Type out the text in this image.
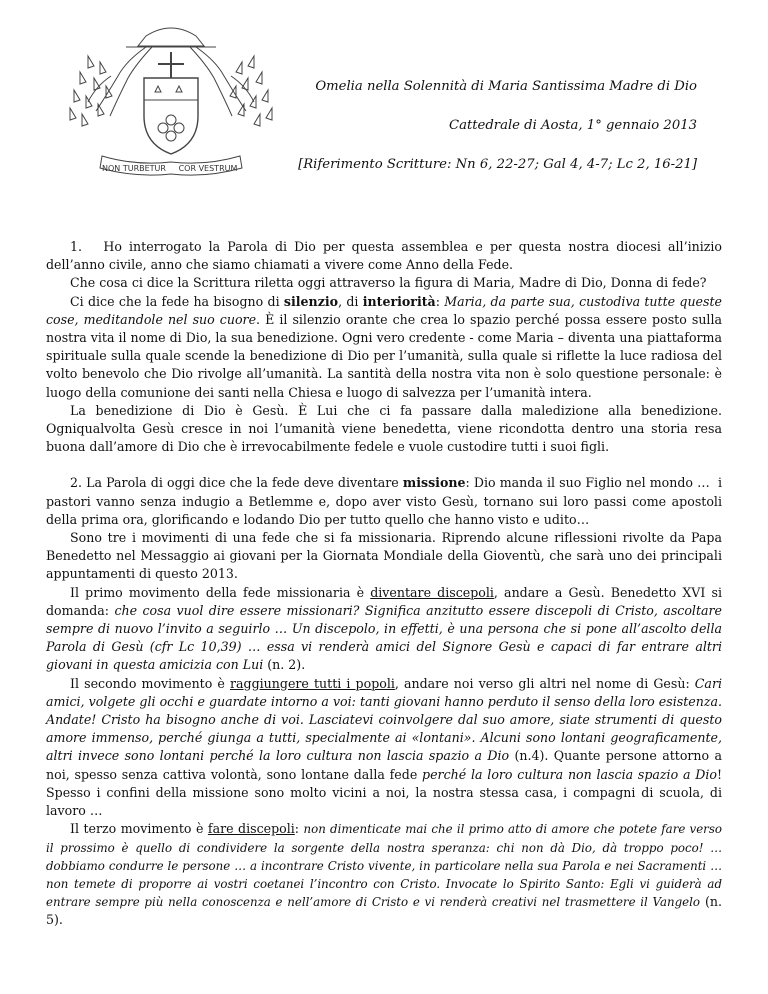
NON TURBETUR COR VESTRUM

Omelia nella Solennità di Maria Santissima Madre di Dio

Cattedrale di Aosta, 1° gennaio 2013

[Riferimento Scritture: Nn 6, 22-27; Gal 4, 4-7; Lc 2, 16-21]

1.   Ho interrogato la Parola di Dio per questa assemblea e per questa nostra diocesi all’inizio dell’anno civile, anno che siamo chiamati a vivere come Anno della Fede.

Che cosa ci dice la Scrittura riletta oggi attraverso la figura di Maria, Madre di Dio, Donna di fede?

Ci dice che la fede ha bisogno di silenzio, di interiorità: Maria, da parte sua, custodiva tutte queste cose, meditandole nel suo cuore. È il silenzio orante che crea lo spazio perché possa essere posto sulla nostra vita il nome di Dio, la sua benedizione. Ogni vero credente - come Maria – diventa una piattaforma spirituale sulla quale scende la benedizione di Dio per l’umanità, sulla quale si riflette la luce radiosa del volto benevolo che Dio rivolge all’umanità. La santità della nostra vita non è solo questione personale: è luogo della comunione dei santi nella Chiesa e luogo di salvezza per l’umanità intera.

La benedizione di Dio è Gesù. È Lui che ci fa passare dalla maledizione alla benedizione. Ogniqualvolta Gesù cresce in noi l’umanità viene benedetta, viene ricondotta dentro una storia resa buona dall’amore di Dio che è irrevocabilmente fedele e vuole custodire tutti i suoi figli.

2. La Parola di oggi dice che la fede deve diventare missione: Dio manda il suo Figlio nel mondo …  i pastori vanno senza indugio a Betlemme e, dopo aver visto Gesù, tornano sui loro passi come apostoli della prima ora, glorificando e lodando Dio per tutto quello che hanno visto e udito…

Sono tre i movimenti di una fede che si fa missionaria. Riprendo alcune riflessioni rivolte da Papa Benedetto nel Messaggio ai giovani per la Giornata Mondiale della Gioventù, che sarà uno dei principali appuntamenti di questo 2013.

Il primo movimento della fede missionaria è diventare discepoli, andare a Gesù. Benedetto XVI si domanda: che cosa vuol dire essere missionari? Significa anzitutto essere discepoli di Cristo, ascoltare sempre di nuovo l’invito a seguirlo … Un discepolo, in effetti, è una persona che si pone all’ascolto della Parola di Gesù (cfr Lc 10,39) … essa vi renderà amici del Signore Gesù e capaci di far entrare altri giovani in questa amicizia con Lui (n. 2).

Il secondo movimento è raggiungere tutti i popoli, andare noi verso gli altri nel nome di Gesù: Cari amici, volgete gli occhi e guardate intorno a voi: tanti giovani hanno perduto il senso della loro esistenza. Andate! Cristo ha bisogno anche di voi. Lasciatevi coinvolgere dal suo amore, siate strumenti di questo amore immenso, perché giunga a tutti, specialmente ai «lontani». Alcuni sono lontani geograficamente, altri invece sono lontani perché la loro cultura non lascia spazio a Dio (n.4). Quante persone attorno a noi, spesso senza cattiva volontà, sono lontane dalla fede perché la loro cultura non lascia spazio a Dio! Spesso i confini della missione sono molto vicini a noi, la nostra stessa casa, i compagni di scuola, di lavoro …

Il terzo movimento è fare discepoli: non dimenticate mai che il primo atto di amore che potete fare verso il prossimo è quello di condividere la sorgente della nostra speranza: chi non dà Dio, dà troppo poco! … dobbiamo condurre le persone … a incontrare Cristo vivente, in particolare nella sua Parola e nei Sacramenti … non temete di proporre ai vostri coetanei l’incontro con Cristo. Invocate lo Spirito Santo: Egli vi guiderà ad entrare sempre più nella conoscenza e nell’amore di Cristo e vi renderà creativi nel trasmettere il Vangelo (n. 5).
